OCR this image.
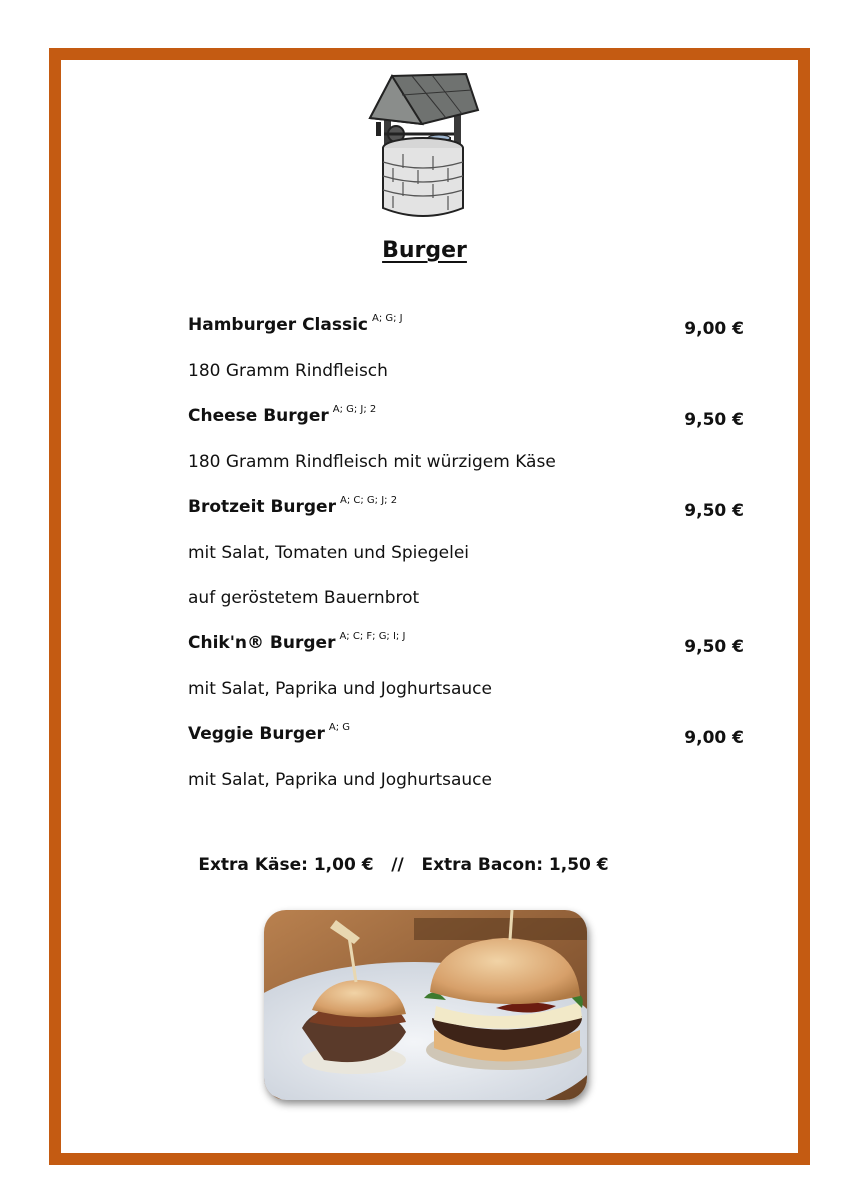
Burger
Hamburger Classic $^{A; G; J}$
9,00 €
180 Gramm Rindfleisch
Cheese Burger $^{A; G; J; 2}$
9,50 €
180 Gramm Rindfleisch mit würzigem Käse
Brotzeit Burger $^{A; C; G; J; 2}$
9,50 €
mit Salat, Tomaten und Spiegelei
auf geröstetem Bauernbrot
Chik'n® Burger $^{A; C; F; G; I; J}$
9,50 €
mit Salat, Paprika und Joghurtsauce
Veggie Burger $^{A; G}$
9,00 €
mit Salat, Paprika und Joghurtsauce
Extra Käse: 1,00 €   //   Extra Bacon: 1,50 €
